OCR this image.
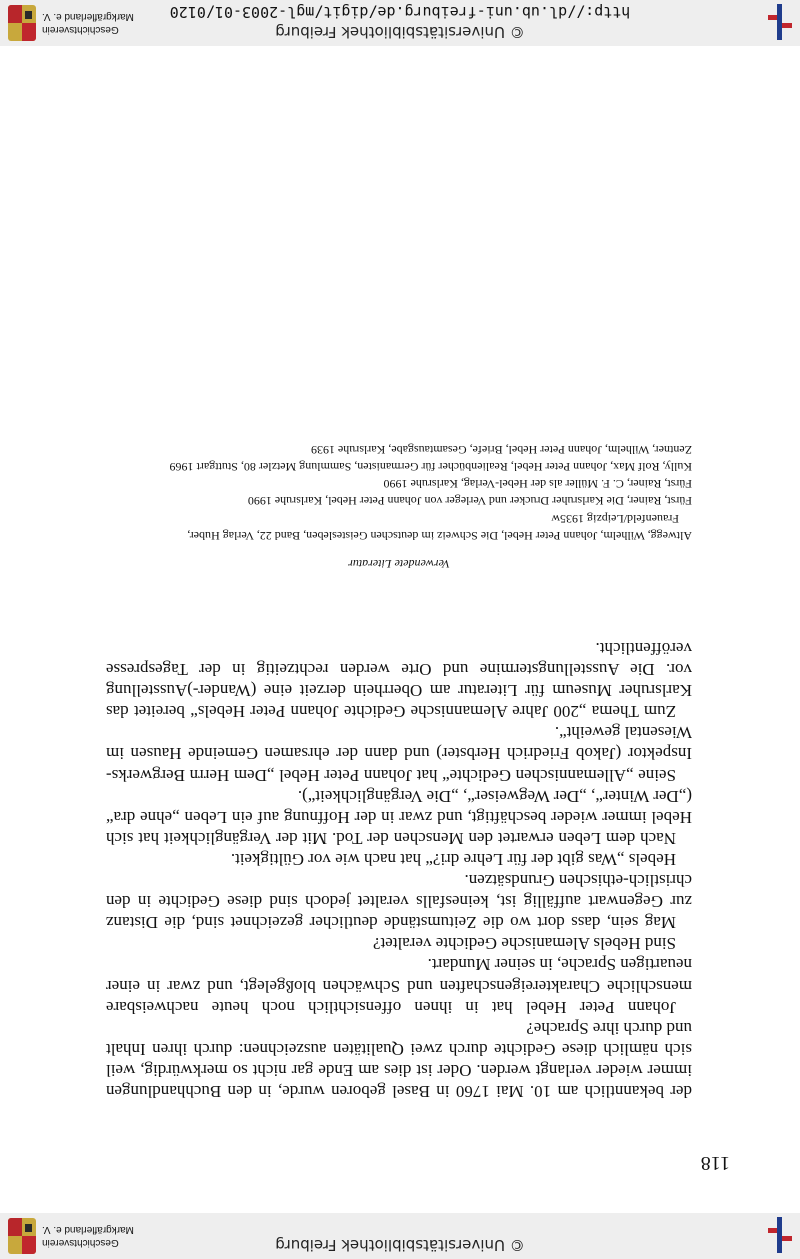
© Universitätsbibliothek Freiburg
Geschichtsverein
Markgräflerland e. V.
118

der bekanntlich am 10. Mai 1760 in Basel geboren wurde, in den Buchhandlungen immer wieder verlangt werden. Oder ist dies am Ende gar nicht so merkwürdig, weil sich nämlich diese Gedichte durch zwei Qualitäten auszeichnen: durch ihren Inhalt und durch ihre Sprache?

Johann Peter Hebel hat in ihnen offensichtlich noch heute nachweisbare menschliche Charaktereigenschaften und Schwächen bloßgelegt, und zwar in einer neuartigen Sprache, in seiner Mundart.

Sind Hebels Alemanische Gedichte veraltet?

Mag sein, dass dort wo die Zeitumstände deutlicher gezeichnet sind, die Distanz zur Gegenwart auffällig ist, keinesfalls veraltet jedoch sind diese Gedichte in den christlich-ethischen Grundsätzen.

Hebels „Was gibt der für Lehre dri?“ hat nach wie vor Gültigkeit.

Nach dem Leben erwartet den Menschen der Tod. Mit der Vergänglichkeit hat sich Hebel immer wieder beschäftigt, und zwar in der Hoffnung auf ein Leben „ehne dra“ („Der Winter“, „Der Wegweiser“, „Die Vergänglichkeit“).

Seine „Allemannischen Gedichte“ hat Johann Peter Hebel „Dem Herrn Bergwerks-Inspektor (Jakob Friedrich Herbster) und dann der ehrsamen Gemeinde Hausen im Wiesental geweiht“.

Zum Thema „200 Jahre Alemannische Gedichte Johann Peter Hebels“ bereitet das Karlsruher Museum für Literatur am Oberrhein derzeit eine (Wander-)Ausstellung vor. Die Ausstellungstermine und Orte werden rechtzeitig in der Tagespresse veröffentlicht.

Verwendete Literatur
Altwegg, Wilhelm, Johann Peter Hebel, Die Schweiz im deutschen Geistesleben, Band 22, Verlag Huber, Frauenfeld/Leipzig 1935w
Fürst, Rainer, Die Karlsruher Drucker und Verleger von Johann Peter Hebel, Karlsruhe 1990
Fürst, Rainer, C. F. Müller als der Hebel-Verlag, Karlsruhe 1990
Kully, Rolf Max, Johann Peter Hebel, Realienbücher für Germanisten, Sammlung Metzler 80, Stuttgart 1969
Zentner, Wilhelm, Johann Peter Hebel, Briefe, Gesamtausgabe, Karlsruhe 1939
© Universitätsbibliothek Freiburg
http://dl.ub.uni-freiburg.de/digit/mgl-2003-01/0120
Geschichtsverein
Markgräflerland e. V.
